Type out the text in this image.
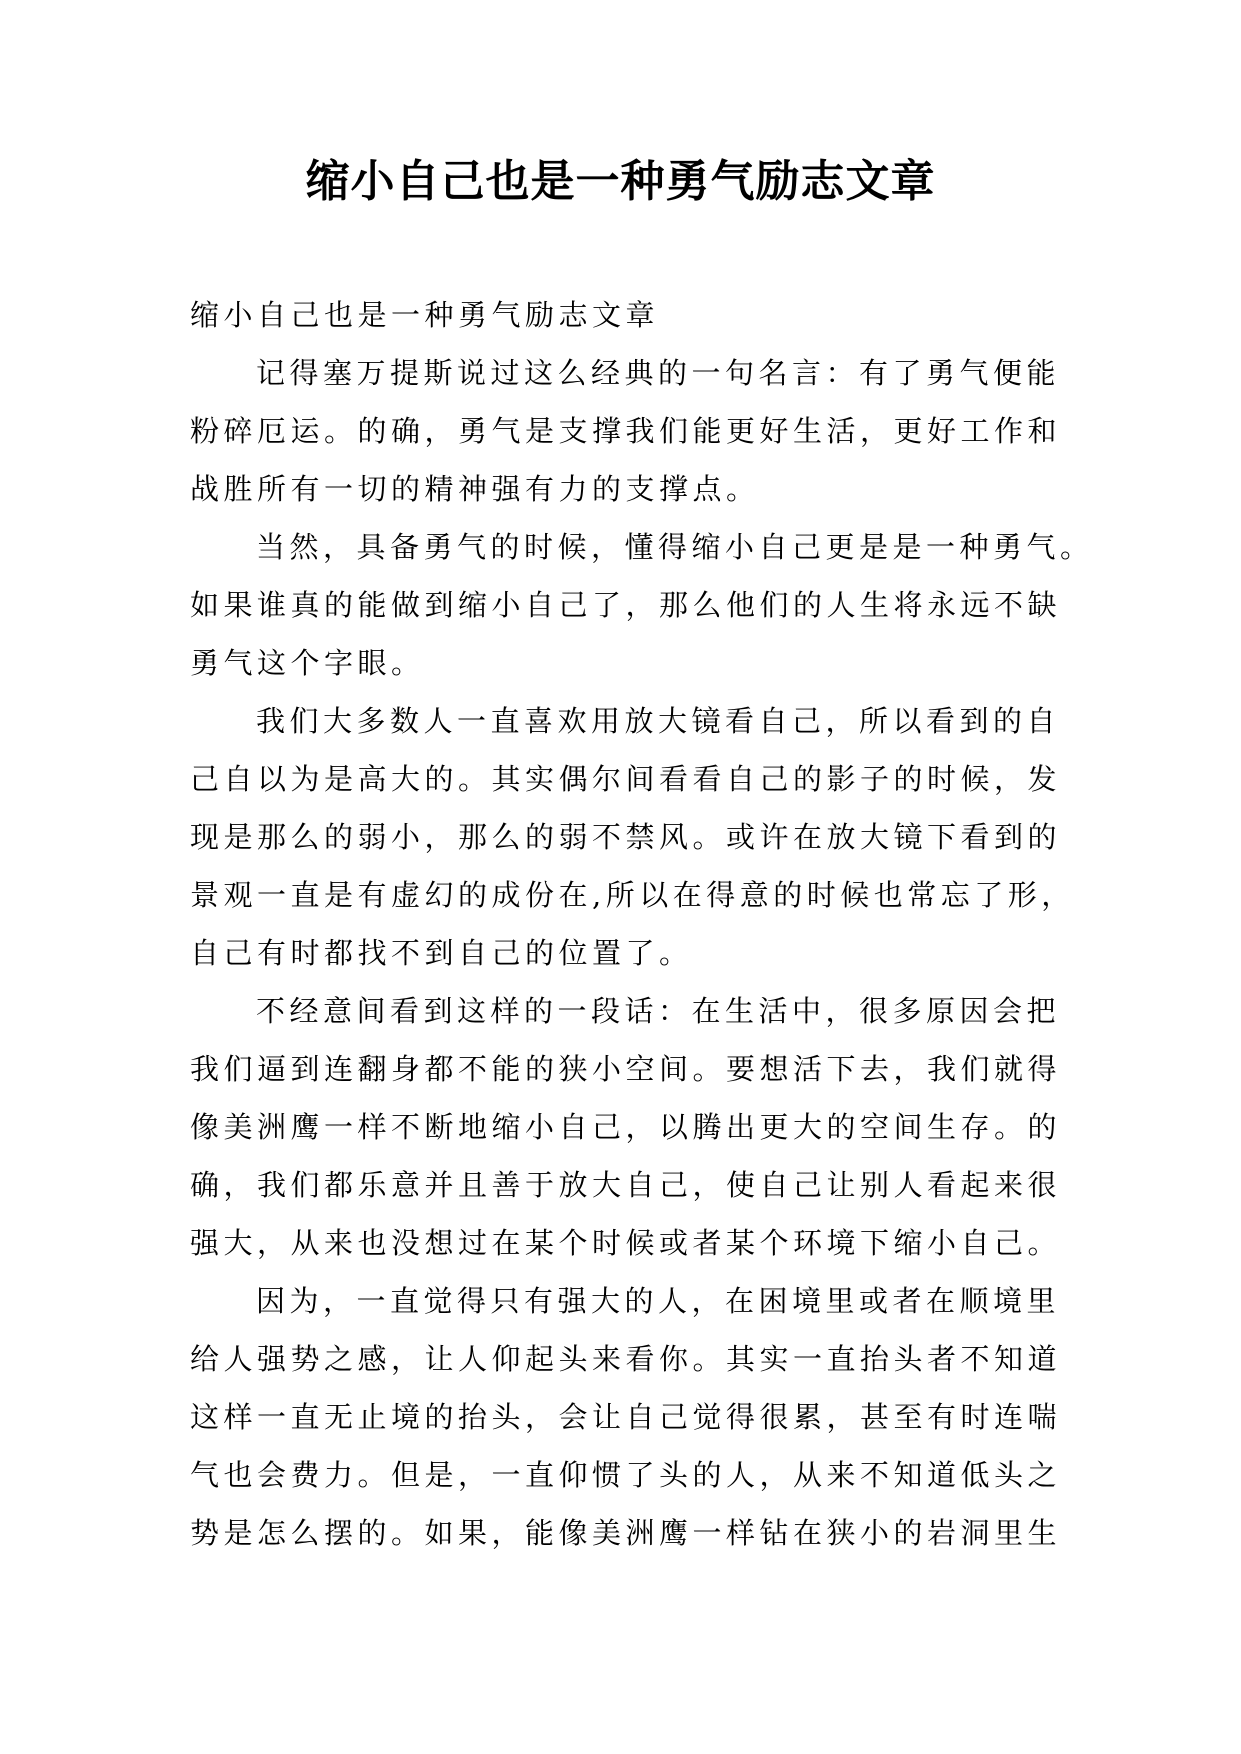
缩小自己也是一种勇气励志文章
缩小自己也是一种勇气励志文章
记得塞万提斯说过这么经典的一句名言：有了勇气便能
粉碎厄运。的确，勇气是支撑我们能更好生活，更好工作和
战胜所有一切的精神强有力的支撑点。
当然，具备勇气的时候，懂得缩小自己更是是一种勇气。
如果谁真的能做到缩小自己了，那么他们的人生将永远不缺
勇气这个字眼。
我们大多数人一直喜欢用放大镜看自己，所以看到的自
己自以为是高大的。其实偶尔间看看自己的影子的时候，发
现是那么的弱小，那么的弱不禁风。或许在放大镜下看到的
景观一直是有虚幻的成份在,所以在得意的时候也常忘了形，
自己有时都找不到自己的位置了。
不经意间看到这样的一段话：在生活中，很多原因会把
我们逼到连翻身都不能的狭小空间。要想活下去，我们就得
像美洲鹰一样不断地缩小自己，以腾出更大的空间生存。的
确，我们都乐意并且善于放大自己，使自己让别人看起来很
强大，从来也没想过在某个时候或者某个环境下缩小自己。
因为，一直觉得只有强大的人，在困境里或者在顺境里
给人强势之感，让人仰起头来看你。其实一直抬头者不知道
这样一直无止境的抬头，会让自己觉得很累，甚至有时连喘
气也会费力。但是，一直仰惯了头的人，从来不知道低头之
势是怎么摆的。如果，能像美洲鹰一样钻在狭小的岩洞里生
